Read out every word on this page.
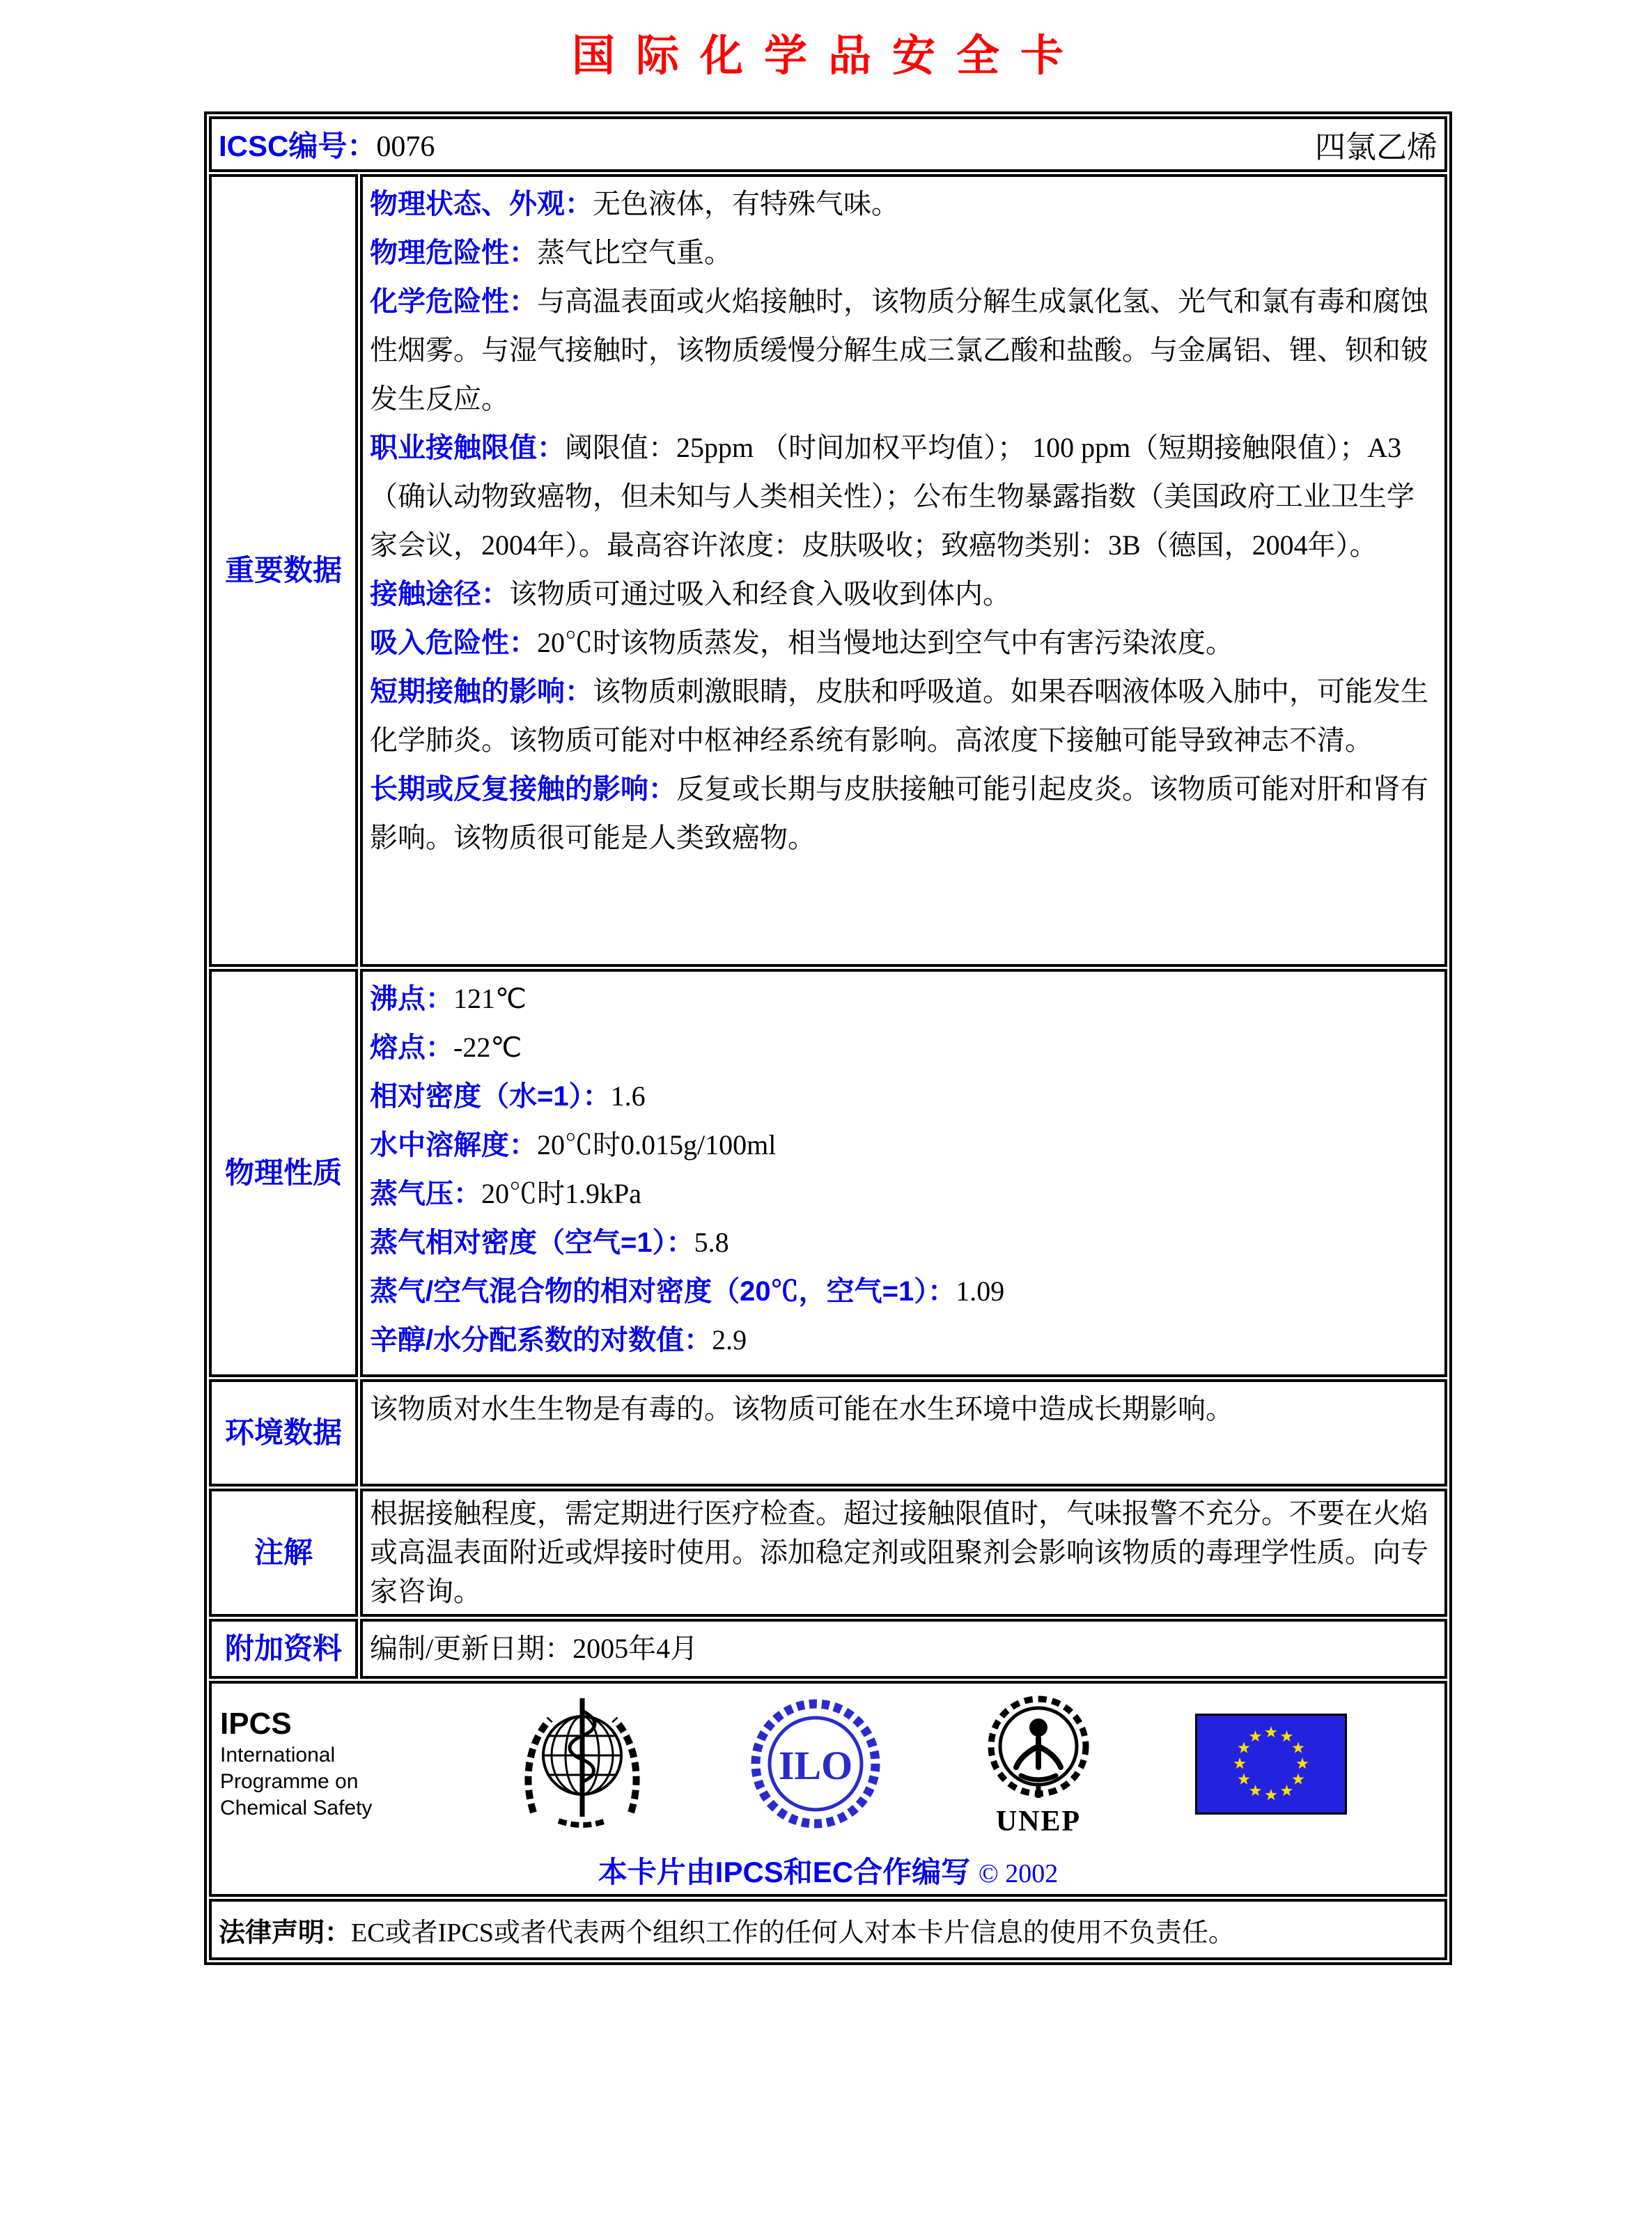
国际化学品安全卡
ICSC编号：0076 四氯乙烯	

重要数据	
物理状态、外观：无色液体，有特殊气味。
物理危险性：蒸气比空气重。
化学危险性：与高温表面或火焰接触时，该物质分解生成氯化氢、光气和氯有毒和腐蚀性烟雾。与湿气接触时，该物质缓慢分解生成三氯乙酸和盐酸。与金属铝、锂、钡和铍发生反应。
职业接触限值：阈限值：25ppm （时间加权平均值）； 100 ppm（短期接触限值）；A3（确认动物致癌物，但未知与人类相关性）；公布生物暴露指数（美国政府工业卫生学家会议，2004年）。最高容许浓度：皮肤吸收；致癌物类别：3B（德国，2004年）。
接触途径：该物质可通过吸入和经食入吸收到体内。
吸入危险性：20℃时该物质蒸发，相当慢地达到空气中有害污染浓度。
短期接触的影响：该物质刺激眼睛，皮肤和呼吸道。如果吞咽液体吸入肺中，可能发生化学肺炎。该物质可能对中枢神经系统有影响。高浓度下接触可能导致神志不清。
长期或反复接触的影响：反复或长期与皮肤接触可能引起皮炎。该物质可能对肝和肾有影响。该物质很可能是人类致癌物。

物理性质	
沸点：121℃
熔点：-22℃
相对密度（水=1）：1.6
水中溶解度：20℃时0.015g/100ml
蒸气压：20℃时1.9kPa
蒸气相对密度（空气=1）：5.8
蒸气/空气混合物的相对密度（20℃，空气=1）：1.09
辛醇/水分配系数的对数值：2.9

环境数据	该物质对水生生物是有毒的。该物质可能在水生环境中造成长期影响。
注解	根据接触程度，需定期进行医疗检查。超过接触限值时，气味报警不充分。不要在火焰或高温表面附近或焊接时使用。添加稳定剂或阻聚剂会影响该物质的毒理学性质。向专家咨询。
附加资料	编制/更新日期：2005年4月

IPCS
International
Programme on
Chemical Safety
ILO
UNEP
本卡片由IPCS和EC合作编写 © 2002

法律声明：EC或者IPCS或者代表两个组织工作的任何人对本卡片信息的使用不负责任。	
